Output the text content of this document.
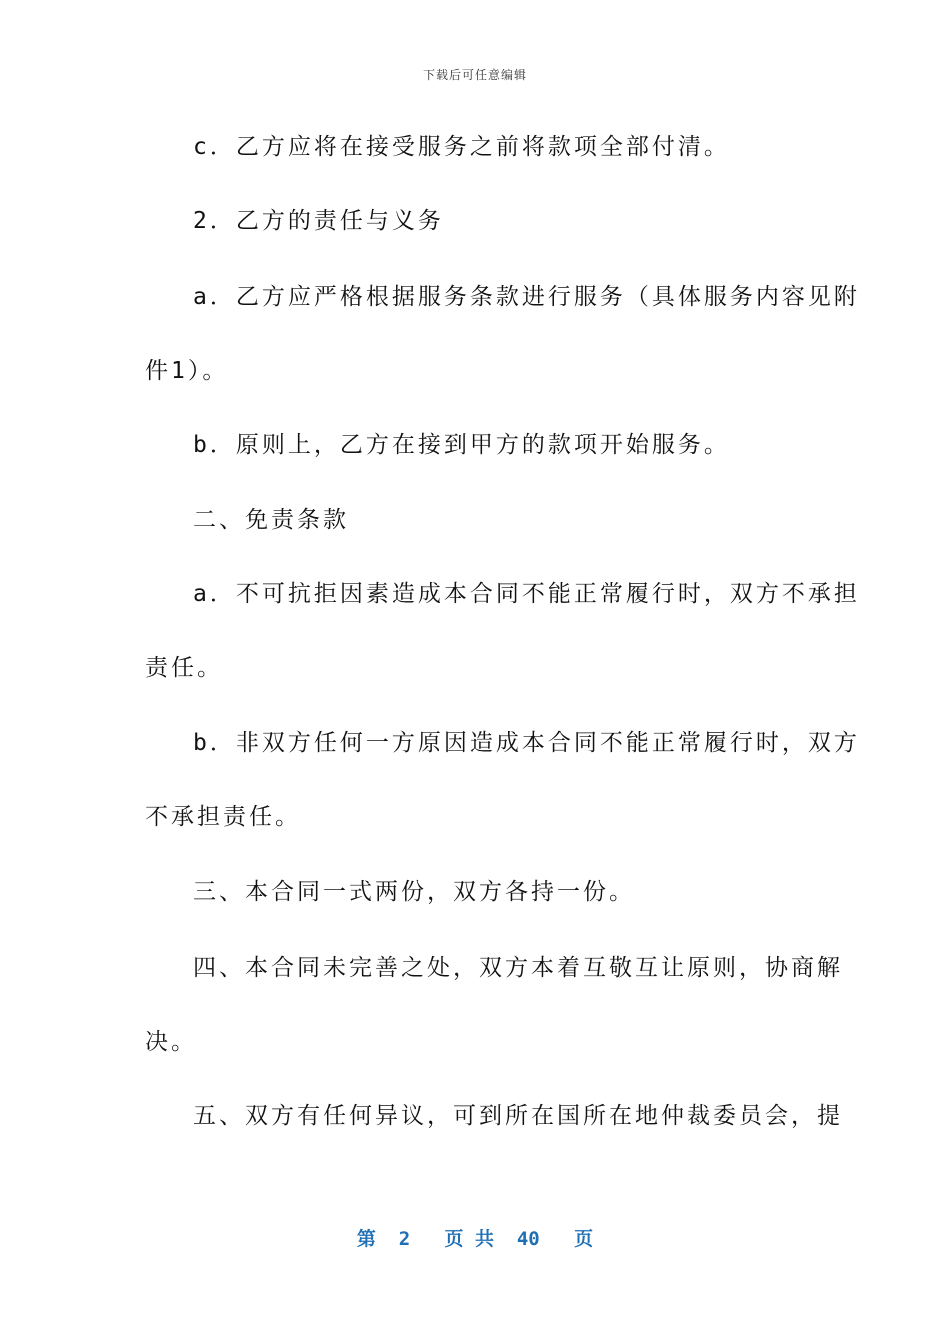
下载后可任意编辑
c．乙方应将在接受服务之前将款项全部付清。
2．乙方的责任与义务
a．乙方应严格根据服务条款进行服务（具体服务内容见附
件1）。
b．原则上，乙方在接到甲方的款项开始服务。
二、免责条款
a．不可抗拒因素造成本合同不能正常履行时，双方不承担
责任。
b．非双方任何一方原因造成本合同不能正常履行时，双方
不承担责任。
三、本合同一式两份，双方各持一份。
四、本合同未完善之处，双方本着互敬互让原则，协商解
决。
五、双方有任何异议，可到所在国所在地仲裁委员会，提
第  2   页 共  40   页
